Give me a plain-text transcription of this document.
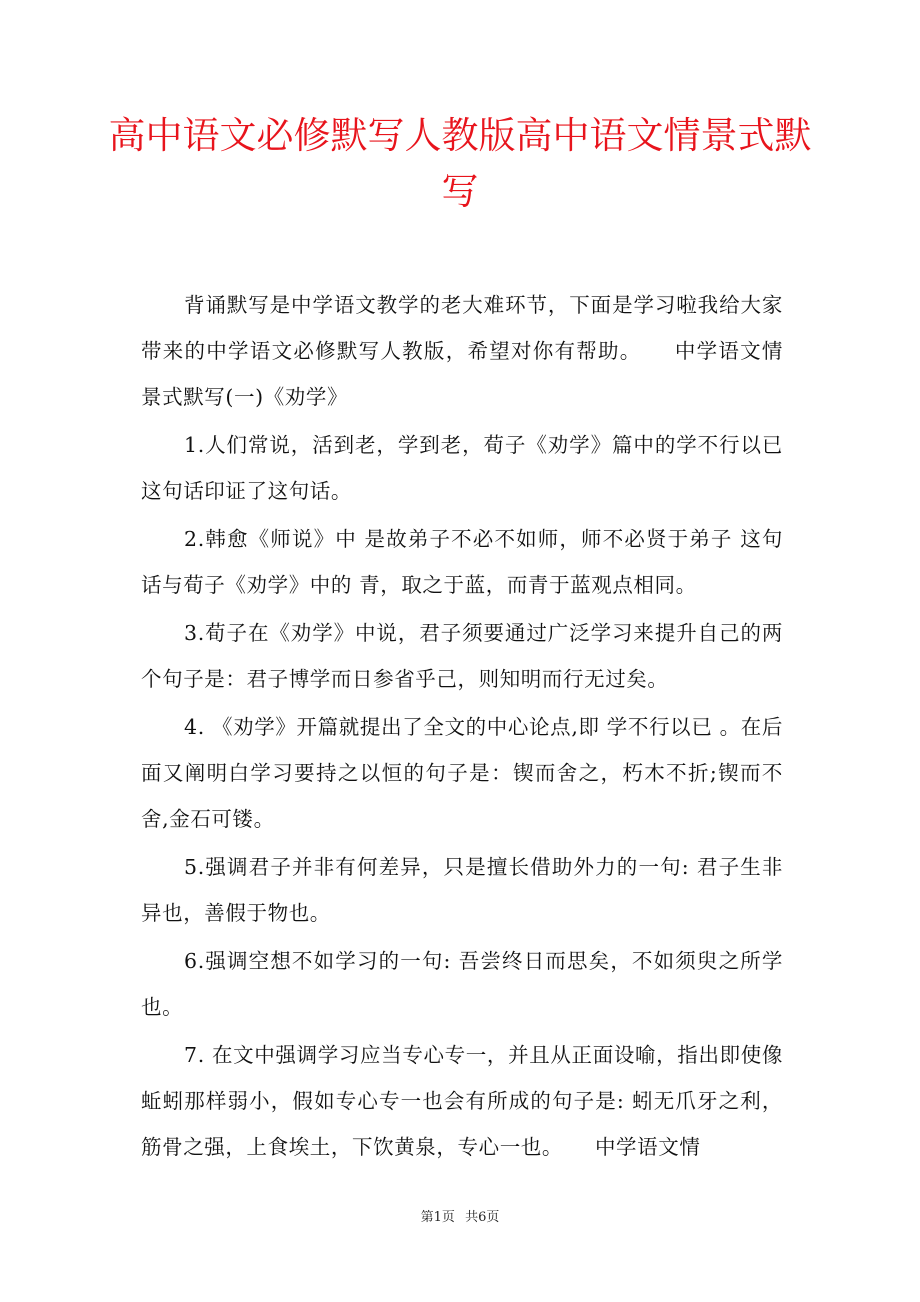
高中语文必修默写人教版高中语文情景式默写

背诵默写是中学语文教学的老大难环节，下面是学习啦我给大家带来的中学语文必修默写人教版，希望对你有帮助。　　中学语文情景式默写(一)《劝学》

1.人们常说，活到老，学到老，荀子《劝学》篇中的学不行以已 这句话印证了这句话。

2.韩愈《师说》中 是故弟子不必不如师，师不必贤于弟子 这句话与荀子《劝学》中的 青，取之于蓝，而青于蓝观点相同。

3.荀子在《劝学》中说，君子须要通过广泛学习来提升自己的两个句子是：君子博学而日参省乎己，则知明而行无过矣。

4. 《劝学》开篇就提出了全文的中心论点,即 学不行以已 。在后面又阐明白学习要持之以恒的句子是：锲而舍之，朽木不折;锲而不舍,金石可镂。

5.强调君子并非有何差异，只是擅长借助外力的一句: 君子生非异也，善假于物也。

6.强调空想不如学习的一句: 吾尝终日而思矣，不如须臾之所学也。

7. 在文中强调学习应当专心专一，并且从正面设喻，指出即使像蚯蚓那样弱小，假如专心专一也会有所成的句子是: 蚓无爪牙之利，筋骨之强，上食埃土，下饮黄泉，专心一也。　　中学语文情

第1页 共6页
